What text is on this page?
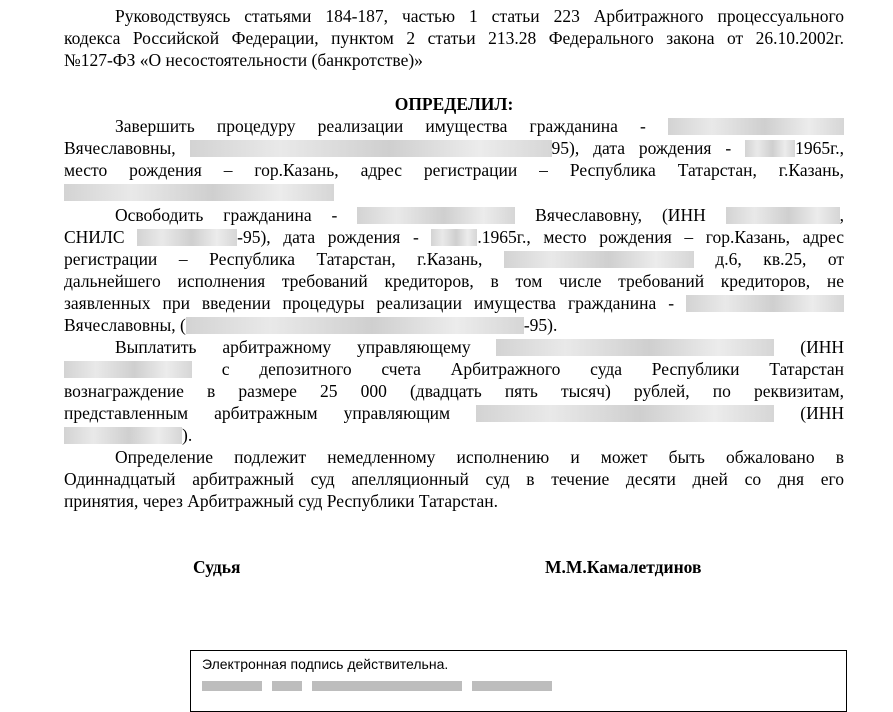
Руководствуясь статьями 184-187, частью 1 статьи 223 Арбитражного процессуального
кодекса Российской Федерации, пунктом 2 статьи 213.28 Федерального закона от 26.10.2002г.
№127-ФЗ «О несостоятельности (банкротстве)»
ОПРЕДЕЛИЛ:
Завершить процедуру реализации имущества гражданина -
Вячеславовны,	95), дата рождения -	1965г.,
место рождения – гор.Казань, адрес регистрации – Республика Татарстан, г.Казань,
Освободить гражданина -	Вячеславовну, (ИНН	,
СНИЛС	-95), дата рождения -	.1965г., место рождения – гор.Казань, адрес
регистрации – Республика Татарстан, г.Казань,	д.6, кв.25, от
дальнейшего исполнения требований кредиторов, в том числе требований кредиторов, не
заявленных при введении процедуры реализации имущества гражданина -
Вячеславовны, (	-95).
Выплатить арбитражному управляющему	(ИНН
с депозитного счета Арбитражного суда Республики Татарстан
вознаграждение в размере 25 000 (двадцать пять тысяч) рублей, по реквизитам,
представленным арбитражным управляющим	(ИНН
).
Определение подлежит немедленному исполнению и может быть обжаловано в
Одиннадцатый арбитражный суд апелляционный суд в течение десяти дней со дня его
принятия, через Арбитражный суд Республики Татарстан.
Судья	М.М.Камалетдинов
Электронная подпись действительна.
